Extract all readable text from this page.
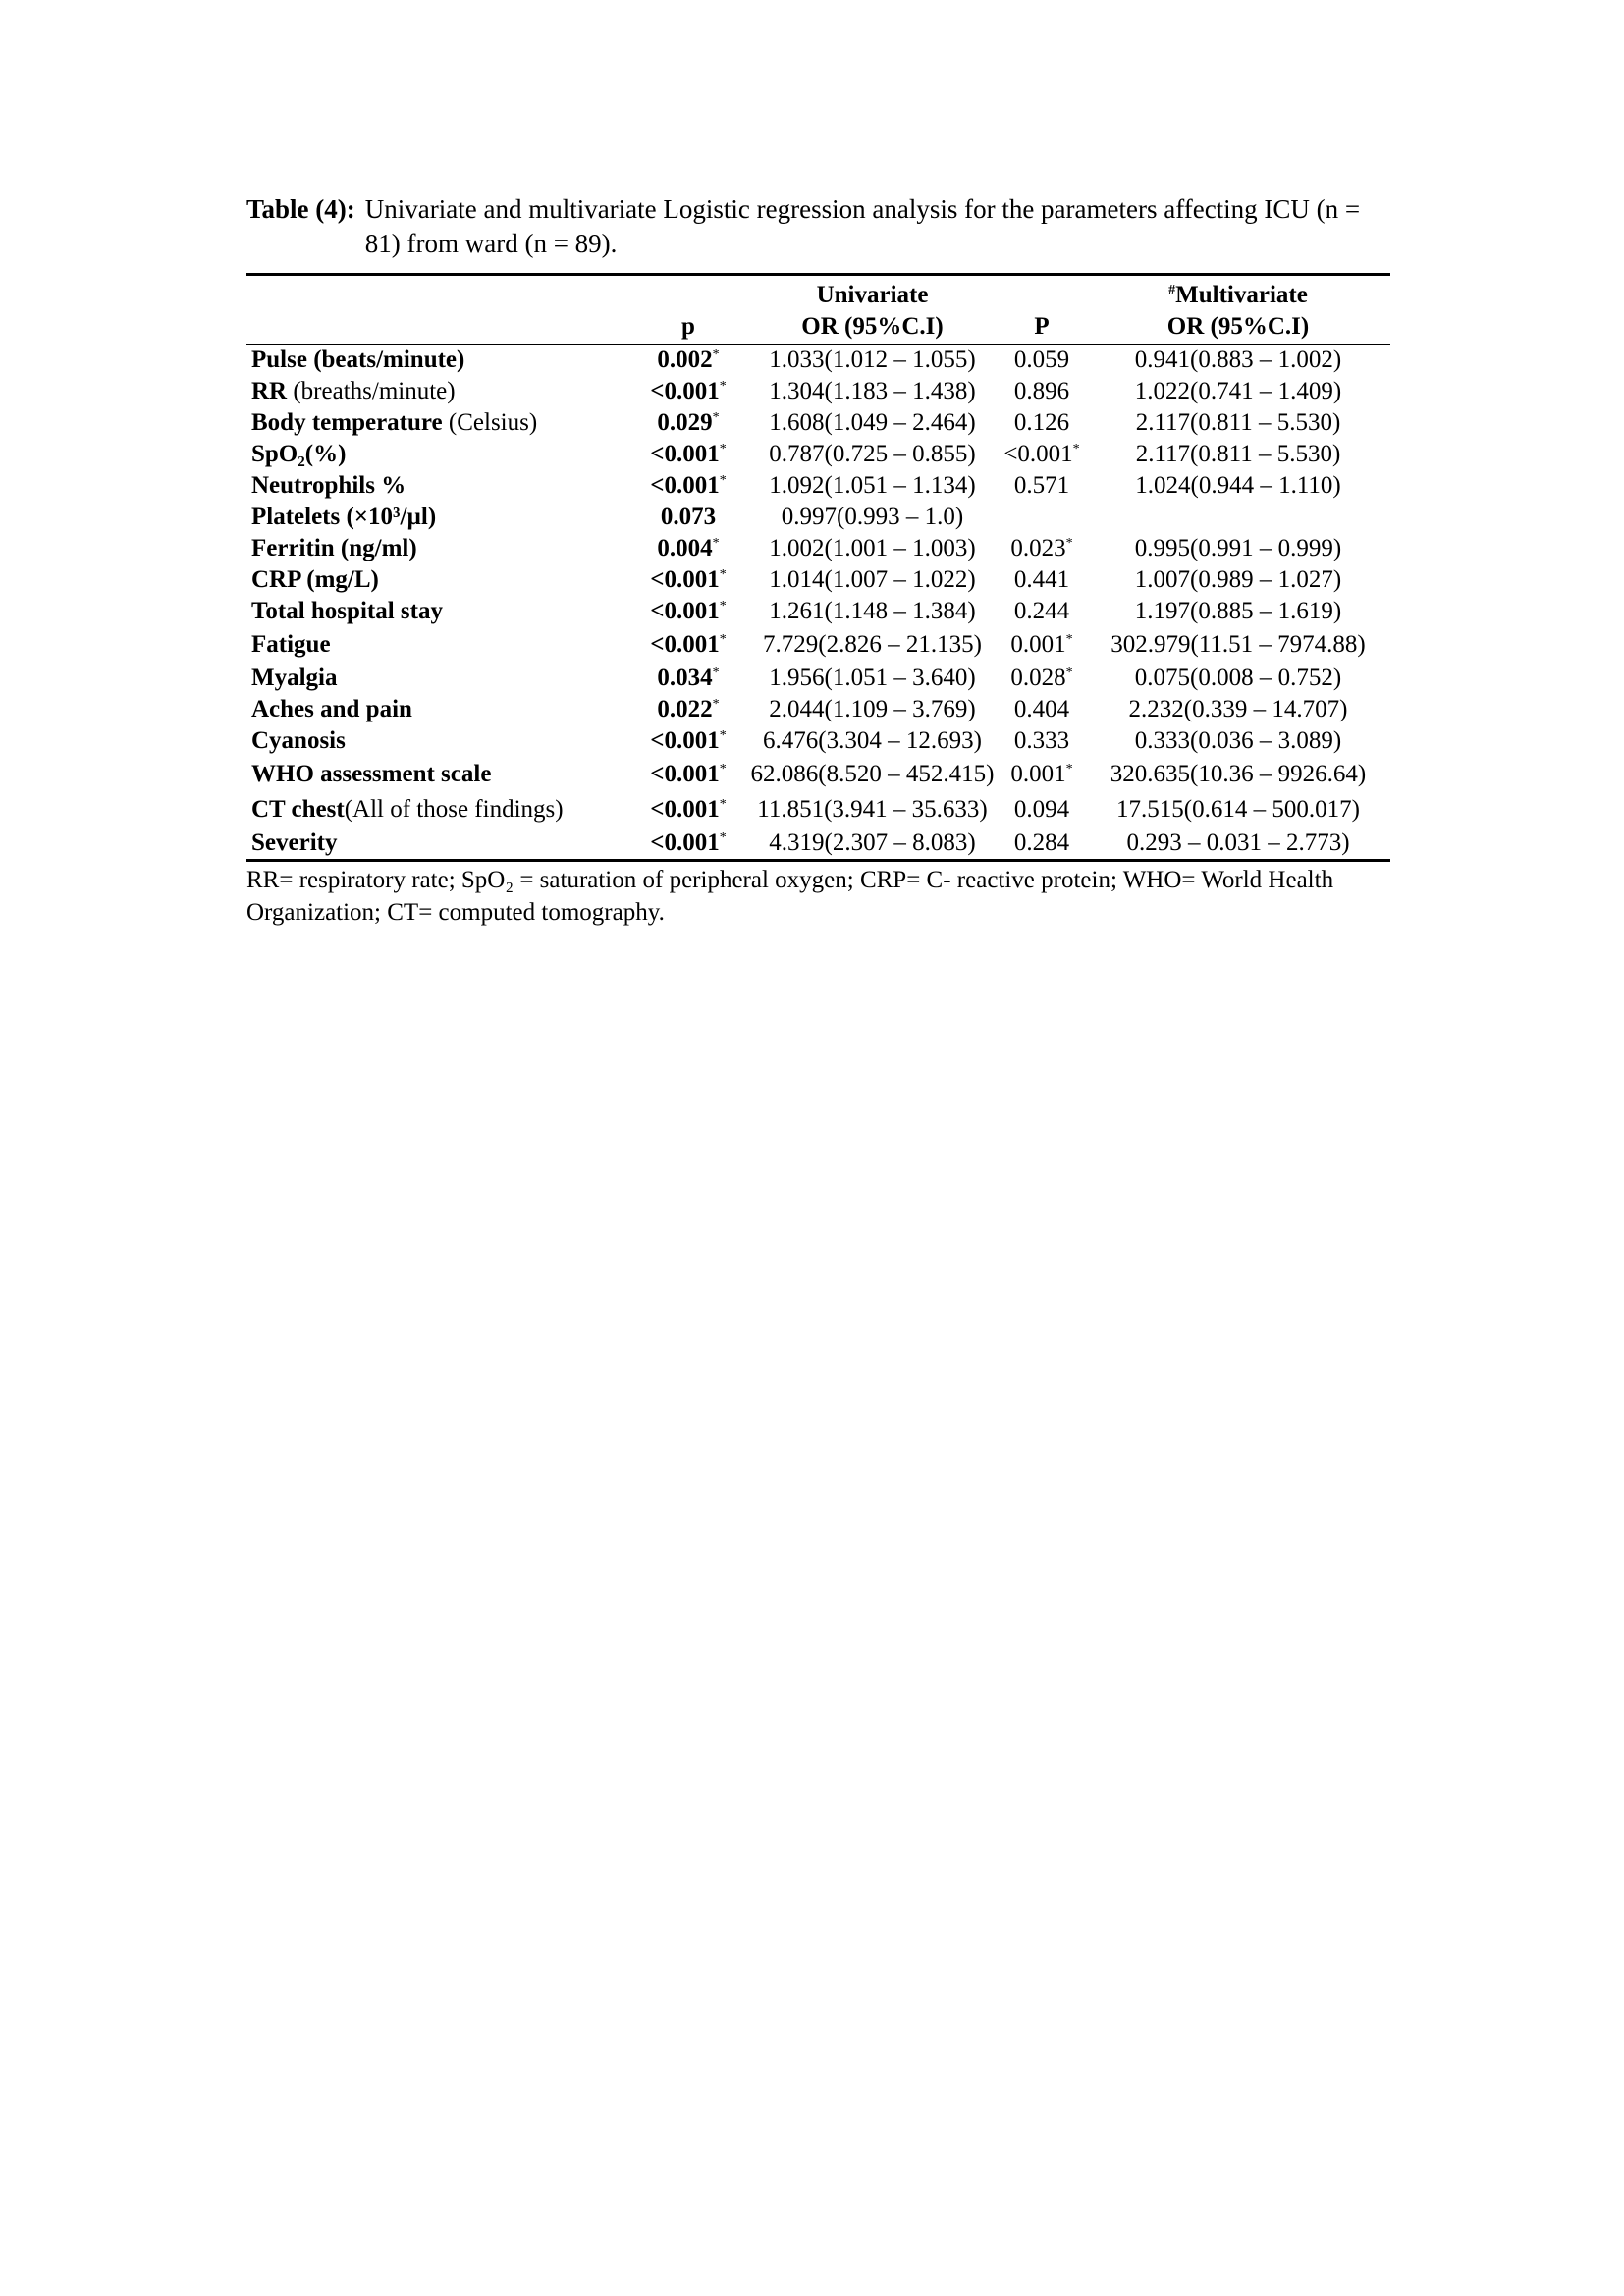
Table (4): Univariate and multivariate Logistic regression analysis for the parameters affecting ICU (n = 81) from ward (n = 89).
		Univariate		#Multivariate
	p	OR (95%C.I)	P	OR (95%C.I)
Pulse (beats/minute)	0.002*	1.033(1.012 – 1.055)	0.059	0.941(0.883 – 1.002)
RR (breaths/minute)	<0.001*	1.304(1.183 – 1.438)	0.896	1.022(0.741 – 1.409)
Body temperature (Celsius)	0.029*	1.608(1.049 – 2.464)	0.126	2.117(0.811 – 5.530)
SpO₂(%)	<0.001*	0.787(0.725 – 0.855)	<0.001*	2.117(0.811 – 5.530)
Neutrophils %	<0.001*	1.092(1.051 – 1.134)	0.571	1.024(0.944 – 1.110)
Platelets (×10³/µl)	0.073	0.997(0.993 – 1.0)		
Ferritin (ng/ml)	0.004*	1.002(1.001 – 1.003)	0.023*	0.995(0.991 – 0.999)
CRP (mg/L)	<0.001*	1.014(1.007 – 1.022)	0.441	1.007(0.989 – 1.027)
Total hospital stay	<0.001*	1.261(1.148 – 1.384)	0.244	1.197(0.885 – 1.619)
Fatigue	<0.001*	7.729(2.826 – 21.135)	0.001*	302.979(11.51 – 7974.88)
Myalgia	0.034*	1.956(1.051 – 3.640)	0.028*	0.075(0.008 – 0.752)
Aches and pain	0.022*	2.044(1.109 – 3.769)	0.404	2.232(0.339 – 14.707)
Cyanosis	<0.001*	6.476(3.304 – 12.693)	0.333	0.333(0.036 – 3.089)
WHO assessment scale	<0.001*	62.086(8.520 – 452.415)	0.001*	320.635(10.36 – 9926.64)
CT chest(All of those findings)	<0.001*	11.851(3.941 – 35.633)	0.094	17.515(0.614 – 500.017)
Severity	<0.001*	4.319(2.307 – 8.083)	0.284	0.293 – 0.031 – 2.773)
RR= respiratory rate; SpO₂ = saturation of peripheral oxygen; CRP= C- reactive protein; WHO= World Health Organization; CT= computed tomography.
